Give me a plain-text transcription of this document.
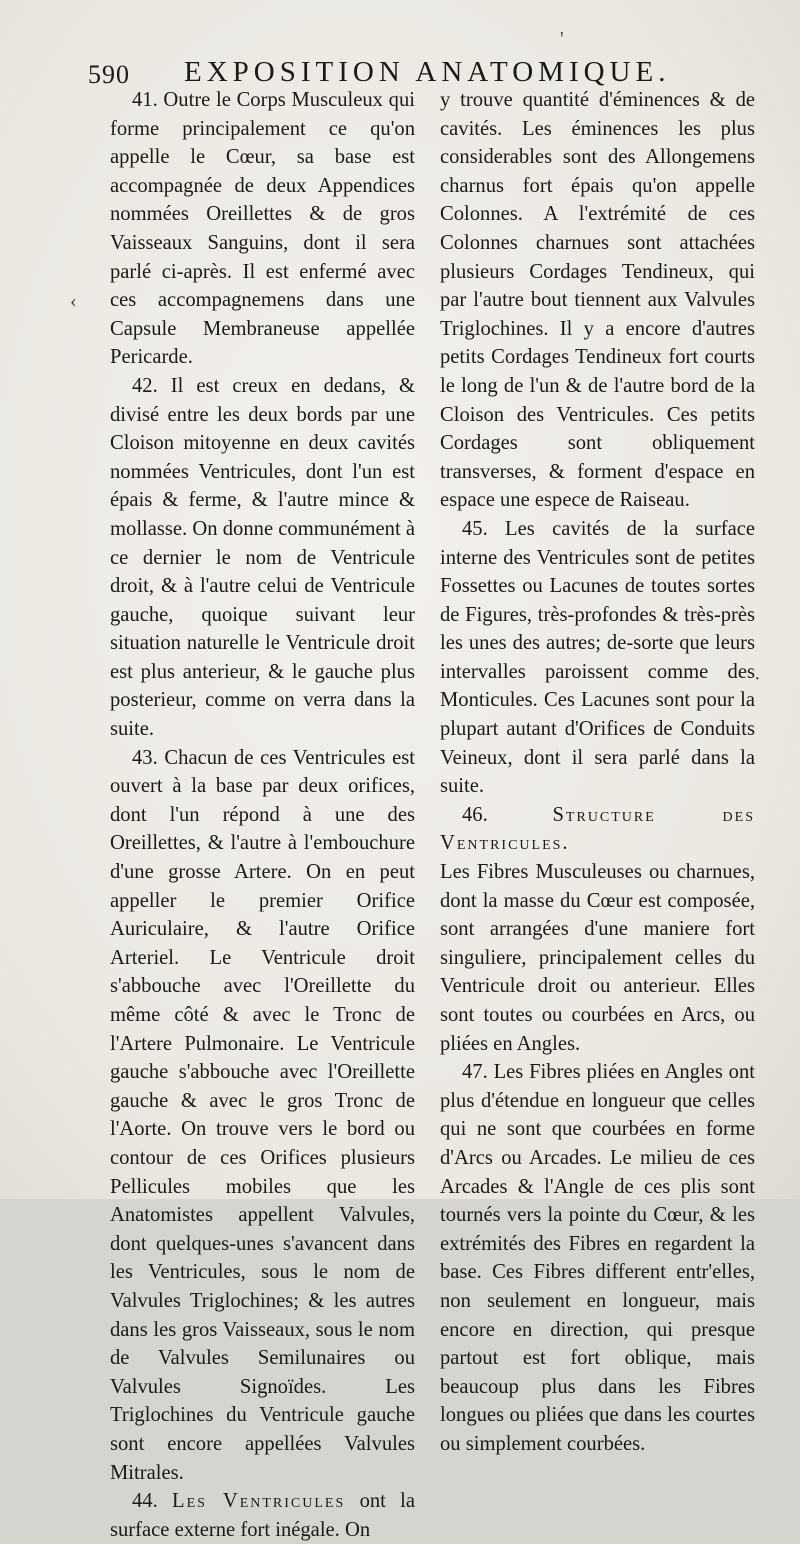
590 EXPOSITION ANATOMIQUE.
'
‹
·

41. Outre le Corps Musculeux qui forme principalement ce qu'on appelle le Cœur, sa base est accompagnée de deux Appendices nommées Oreillettes & de gros Vaisseaux Sanguins, dont il sera parlé ci-après. Il est enfermé avec ces accompagnemens dans une Capsule Membraneuse appellée Pericarde.

42. Il est creux en dedans, & divisé entre les deux bords par une Cloison mitoyenne en deux cavités nommées Ventricules, dont l'un est épais & ferme, & l'autre mince & mollasse. On donne communément à ce dernier le nom de Ventricule droit, & à l'autre celui de Ventricule gauche, quoique suivant leur situation naturelle le Ventricule droit est plus anterieur, & le gauche plus posterieur, comme on verra dans la suite.

43. Chacun de ces Ventricules est ouvert à la base par deux orifices, dont l'un répond à une des Oreillettes, & l'autre à l'embouchure d'une grosse Artere. On en peut appeller le premier Orifice Auriculaire, & l'autre Orifice Arteriel. Le Ventricule droit s'abbouche avec l'Oreillette du même côté & avec le Tronc de l'Artere Pulmonaire. Le Ventricule gauche s'abbouche avec l'Oreillette gauche & avec le gros Tronc de l'Aorte. On trouve vers le bord ou contour de ces Orifices plusieurs Pellicules mobiles que les Anatomistes appellent Valvules, dont quelques-unes s'avancent dans les Ventricules, sous le nom de Valvules Triglochines; & les autres dans les gros Vaisseaux, sous le nom de Valvules Semilunaires ou Valvules Signoïdes. Les Triglochines du Ventricule gauche sont encore appellées Valvules Mitrales.

44. Les Ventricules ont la surface externe fort inégale. On

y trouve quantité d'éminences & de cavités. Les éminences les plus considerables sont des Allongemens charnus fort épais qu'on appelle Colonnes. A l'extrémité de ces Colonnes charnues sont attachées plusieurs Cordages Tendineux, qui par l'autre bout tiennent aux Valvules Triglochines. Il y a encore d'autres petits Cordages Tendineux fort courts le long de l'un & de l'autre bord de la Cloison des Ventricules. Ces petits Cordages sont obliquement transverses, & forment d'espace en espace une espece de Raiseau.

45. Les cavités de la surface interne des Ventricules sont de petites Fossettes ou Lacunes de toutes sortes de Figures, très-profondes & très-près les unes des autres; de-sorte que leurs intervalles paroissent comme des Monticules. Ces Lacunes sont pour la plupart autant d'Orifices de Conduits Veineux, dont il sera parlé dans la suite.

46.	Structure des Ventricules.

Les Fibres Musculeuses ou charnues, dont la masse du Cœur est composée, sont arrangées d'une maniere fort singuliere, principalement celles du Ventricule droit ou anterieur. Elles sont toutes ou courbées en Arcs, ou pliées en Angles.

47. Les Fibres pliées en Angles ont plus d'étendue en longueur que celles qui ne sont que courbées en forme d'Arcs ou Arcades. Le milieu de ces Arcades & l'Angle de ces plis sont tournés vers la pointe du Cœur, & les extrémités des Fibres en regardent la base. Ces Fibres different entr'elles, non seulement en longueur, mais encore en direction, qui presque partout est fort oblique, mais beaucoup plus dans les Fibres longues ou pliées que dans les courtes ou simplement courbées.
